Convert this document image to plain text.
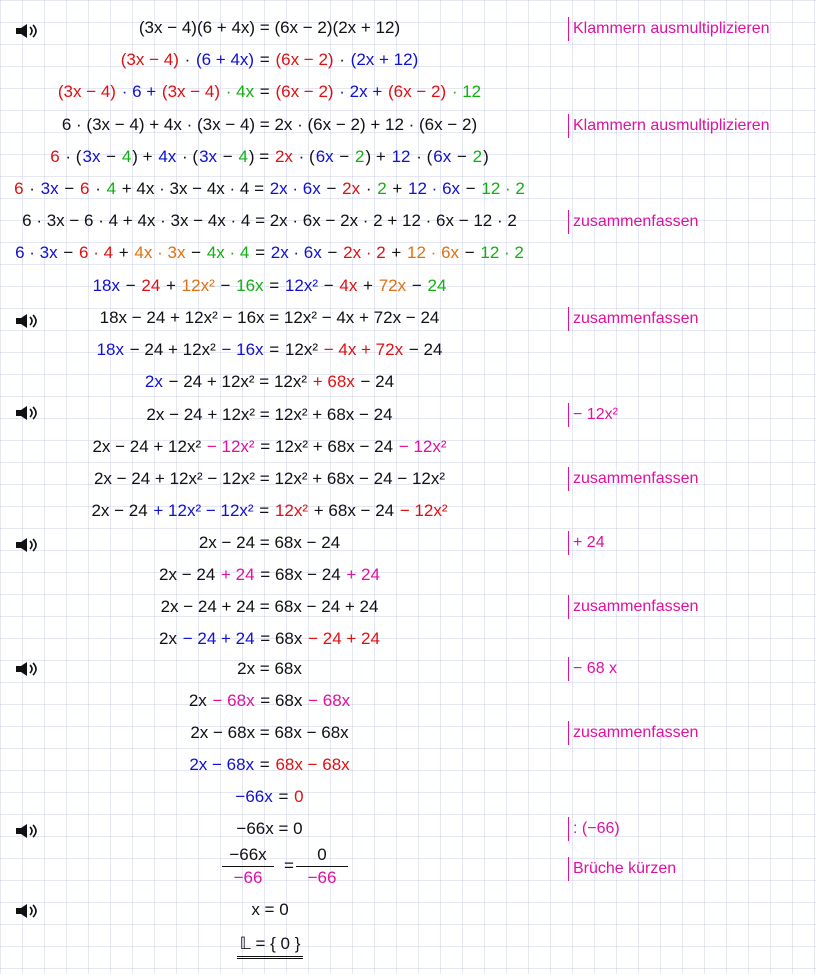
(3x − 4)(6 + 4x) = (6x − 2)(2x + 12)
(3x − 4) · (6 + 4x) = (6x − 2) · (2x + 12)
(3x − 4) · 6 + (3x − 4) · 4x = (6x − 2) · 2x + (6x − 2) · 12
6 · (3x − 4) + 4x · (3x − 4) = 2x · (6x − 2) + 12 · (6x − 2)
6 · (3x − 4) + 4x · (3x − 4) = 2x · (6x − 2) + 12 · (6x − 2)
6 · 3x − 6 · 4 + 4x · 3x − 4x · 4 = 2x · 6x − 2x · 2 + 12 · 6x − 12 · 2
6 · 3x − 6 · 4 + 4x · 3x − 4x · 4 = 2x · 6x − 2x · 2 + 12 · 6x − 12 · 2
6 · 3x − 6 · 4 + 4x · 3x − 4x · 4 = 2x · 6x − 2x · 2 + 12 · 6x − 12 · 2
18x − 24 + 12x² − 16x = 12x² − 4x + 72x − 24
18x − 24 + 12x² − 16x = 12x² − 4x + 72x − 24
18x − 24 + 12x² − 16x = 12x² − 4x + 72x − 24
2x − 24 + 12x² = 12x² + 68x − 24
2x − 24 + 12x² = 12x² + 68x − 24
2x − 24 + 12x² − 12x² = 12x² + 68x − 24 − 12x²
2x − 24 + 12x² − 12x² = 12x² + 68x − 24 − 12x²
2x − 24 + 12x² − 12x² = 12x² + 68x − 24 − 12x²
2x − 24 = 68x − 24
2x − 24 + 24 = 68x − 24 + 24
2x − 24 + 24 = 68x − 24 + 24
2x − 24 + 24 = 68x − 24 + 24
2x = 68x
2x − 68x = 68x − 68x
2x − 68x = 68x − 68x
2x − 68x = 68x − 68x
−66x = 0
−66x = 0
−66x
−66
=
0
−66
x = 0
𝕃 = { 0 }
Klammern ausmultiplizieren
Klammern ausmultiplizieren
zusammenfassen
zusammenfassen
− 12x²
zusammenfassen
+ 24
zusammenfassen
− 68 x
zusammenfassen
: (−66)
Brüche kürzen
